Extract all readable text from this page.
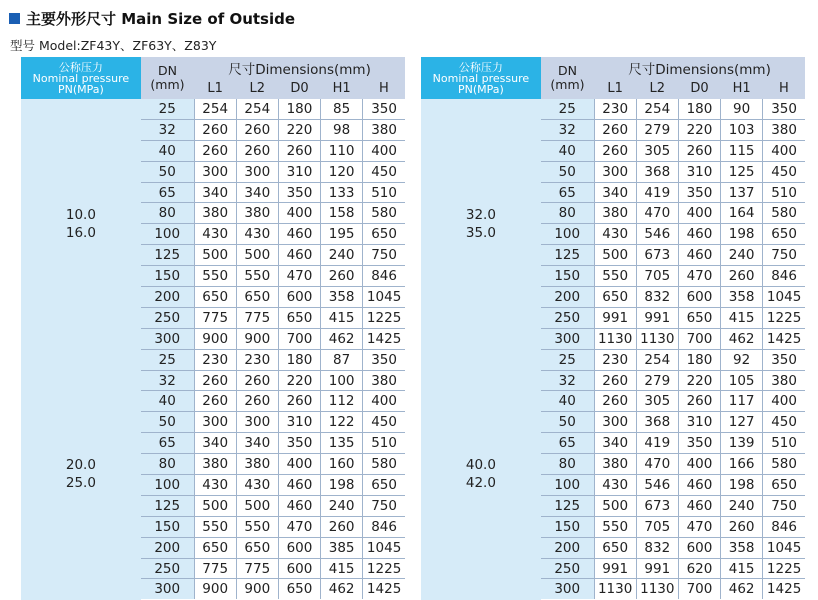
主要外形尺寸 Main Size of Outside
型号 Model:ZF43Y、ZF63Y、Z83Y
公称压力
Nominal pressure
PN(MPa)	DN
(mm)	尺寸Dimensions(mm)				
		L1	L2	D0	H1	H

10.0
16.0	25	254	254	180	85	350
	32	260	260	220	98	380
	40	260	260	260	110	400
	50	300	300	310	120	450
	65	340	340	350	133	510
	80	380	380	400	158	580
	100	430	430	460	195	650
	125	500	500	460	240	750
	150	550	550	470	260	846
	200	650	650	600	358	1045
	250	775	775	650	415	1225
	300	900	900	700	462	1425

20.0
25.0	25	230	230	180	87	350
	32	260	260	220	100	380
	40	260	260	260	112	400
	50	300	300	310	122	450
	65	340	340	350	135	510
	80	380	380	400	160	580
	100	430	430	460	198	650
	125	500	500	460	240	750
	150	550	550	470	260	846
	200	650	650	600	385	1045
	250	775	775	600	415	1225
	300	900	900	650	462	1425
公称压力
Nominal pressure
PN(MPa)	DN
(mm)	尺寸Dimensions(mm)				
		L1	L2	D0	H1	H

32.0
35.0	25	230	254	180	90	350
	32	260	279	220	103	380
	40	260	305	260	115	400
	50	300	368	310	125	450
	65	340	419	350	137	510
	80	380	470	400	164	580
	100	430	546	460	198	650
	125	500	673	460	240	750
	150	550	705	470	260	846
	200	650	832	600	358	1045
	250	991	991	650	415	1225
	300	1130	1130	700	462	1425

40.0
42.0	25	230	254	180	92	350
	32	260	279	220	105	380
	40	260	305	260	117	400
	50	300	368	310	127	450
	65	340	419	350	139	510
	80	380	470	400	166	580
	100	430	546	460	198	650
	125	500	673	460	240	750
	150	550	705	470	260	846
	200	650	832	600	358	1045
	250	991	991	620	415	1225
	300	1130	1130	700	462	1425
